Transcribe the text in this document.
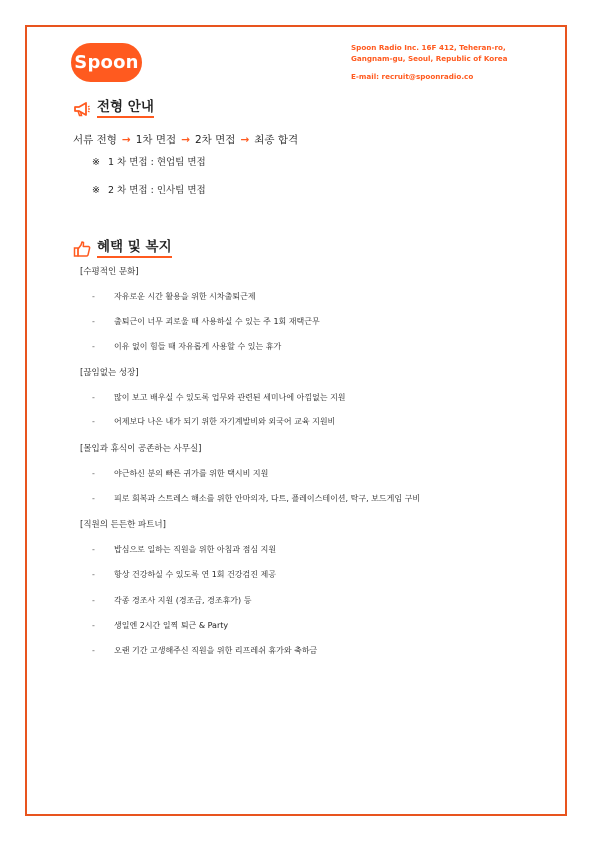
Spoon
Spoon Radio Inc. 16F 412, Teheran-ro,
Gangnam-gu, Seoul, Republic of Korea
E-mail: recruit@spoonradio.co
전형 안내
서류 전형 → 1차 면접 → 2차 면접 → 최종 합격
※ 1 차 면접 : 현업팀 면접
※ 2 차 면접 : 인사팀 면접
혜택 및 복지
[수평적인 문화]
- 자유로운 시간 활용을 위한 시차출퇴근제
- 출퇴근이 너무 괴로울 때 사용하실 수 있는 주 1회 재택근무
- 이유 없이 힘들 때 자유롭게 사용할 수 있는 휴가
[끊임없는 성장]
- 많이 보고 배우실 수 있도록 업무와 관련된 세미나에 아낌없는 지원
- 어제보다 나은 내가 되기 위한 자기계발비와 외국어 교육 지원비
[몰입과 휴식이 공존하는 사무실]
- 야근하신 분의 빠른 귀가를 위한 택시비 지원
- 피로 회복과 스트레스 해소를 위한 안마의자, 다트, 플레이스테이션, 탁구, 보드게임 구비
[직원의 든든한 파트너]
- 밥심으로 일하는 직원을 위한 아침과 점심 지원
- 항상 건강하실 수 있도록 연 1회 건강검진 제공
- 각종 경조사 지원 (경조금, 경조휴가) 등
- 생일엔 2시간 일찍 퇴근 & Party
- 오랜 기간 고생해주신 직원을 위한 리프레쉬 휴가와 축하금
